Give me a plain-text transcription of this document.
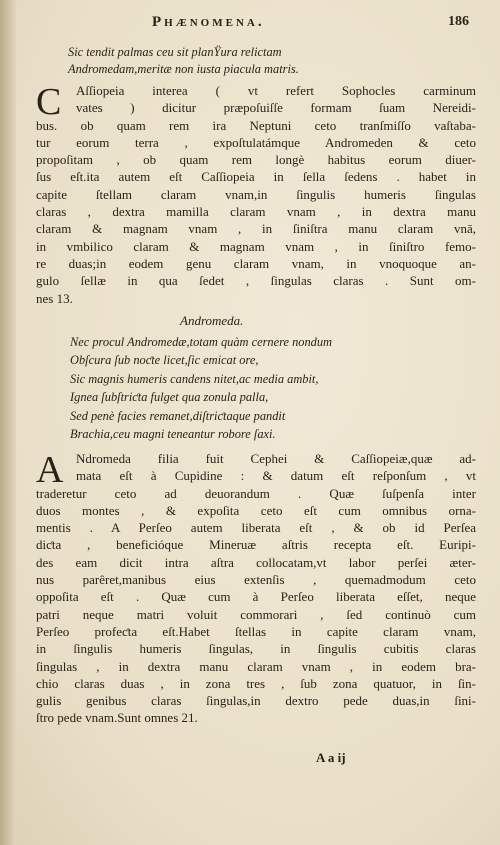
Phænomena.	186
Sic tendit palmas ceu sit planŸura relictam
Andromedam,meritæ non iusta piacula matris.
C	Aſſiopeia interea ( vt refert Sophocles carminum
vates ) dicitur præpoſuiſſe formam ſuam Nereidi-
bus. ob quam rem ira Neptuni ceto tranſmiſſo vaſtaba-
tur eorum terra , expoſtulatámque Andromeden & ceto
propoſitam , ob quam rem longè habitus eorum diuer-
ſus eſt.ita autem eſt Caſſiopeia in ſella ſedens . habet in
capite ſtellam claram vnam,in ſingulis humeris ſingulas
claras , dextra mamilla claram vnam , in dextra manu
claram & magnam vnam , in ſiniſtra manu claram vnā,
in vmbilico claram & magnam vnam , in ſiniſtro femo-
re duas;in eodem genu claram vnam, in vnoquoque an-
gulo ſellæ in qua ſedet , ſingulas claras . Sunt om-
nes 13.
Andromeda.
Nec procul Andromedæ,totam quàm cernere nondum
Obſcura ſub noƈte licet,ſic emicat ore,
Sic magnis humeris candens nitet,ac media ambit,
Ignea ſubſtriƈta fulget qua zonula palla,
Sed penè facies remanet,diſtriƈtaque pandit
Brachia,ceu magni teneantur robore ſaxi.
A Ndromeda filia fuit Cephei & Caſſiopeiæ,quæ ad-
mata eſt à Cupidine : & datum eſt reſponſum , vt
traderetur ceto ad deuorandum . Quæ ſuſpenſa inter
duos montes , & expoſita ceto eſt cum omnibus orna-
mentis . A Perſeo autem liberata eſt , & ob id Perſea
diƈta , beneficióque Mineruæ aſtris recepta eſt. Euripi-
des eam dicit intra aſtra collocatam,vt labor perſei æter-
nus parêret,manibus eius extenſis , quemadmodum ceto
oppoſita eſt . Quæ cum à Perſeo liberata eſſet, neque
patri neque matri voluit commorari , ſed continuò cum
Perſeo profeƈta eſt.Habet ſtellas in capite claram vnam,
in ſingulis humeris ſingulas, in ſingulis cubitis claras
ſingulas , in dextra manu claram vnam , in eodem bra-
chio claras duas , in zona tres , ſub zona quatuor, in ſin-
gulis genibus claras ſingulas,in dextro pede duas,in ſini-
ſtro pede vnam.Sunt omnes 21.
A a ij
